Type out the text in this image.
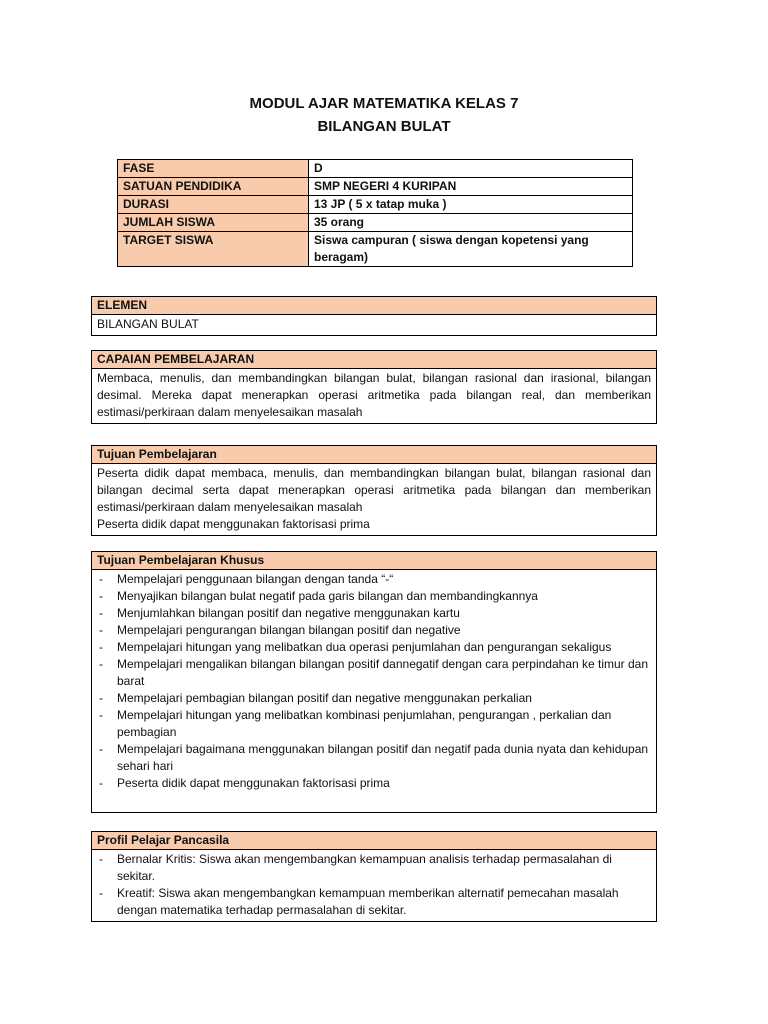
MODUL AJAR MATEMATIKA KELAS 7
BILANGAN BULAT
FASE	D
SATUAN PENDIDIKA	SMP NEGERI 4 KURIPAN
DURASI	13 JP ( 5 x tatap muka )
JUMLAH SISWA	35 orang
TARGET SISWA	Siswa campuran ( siswa dengan kopetensi yang beragam)
ELEMEN
BILANGAN BULAT
CAPAIAN PEMBELAJARAN
Membaca, menulis, dan membandingkan bilangan bulat, bilangan rasional dan irasional, bilangan desimal. Mereka dapat menerapkan operasi aritmetika pada bilangan real, dan memberikan estimasi/perkiraan dalam menyelesaikan masalah
Tujuan Pembelajaran

Peserta didik dapat membaca, menulis, dan membandingkan bilangan bulat, bilangan rasional dan bilangan decimal serta dapat menerapkan operasi aritmetika pada bilangan dan memberikan estimasi/perkiraan dalam menyelesaikan masalah

Peserta didik dapat menggunakan faktorisasi prima

Tujuan Pembelajaran Khusus
- Mempelajari penggunaan bilangan dengan tanda “-“
- Menyajikan bilangan bulat negatif pada garis bilangan dan membandingkannya
- Menjumlahkan bilangan positif dan negative menggunakan kartu
- Mempelajari pengurangan bilangan bilangan positif dan negative
- Mempelajari hitungan yang melibatkan dua operasi penjumlahan dan pengurangan sekaligus
- Mempelajari mengalikan bilangan bilangan positif dannegatif dengan cara perpindahan ke timur dan barat
- Mempelajari pembagian bilangan positif dan negative menggunakan perkalian
- Mempelajari hitungan yang melibatkan kombinasi penjumlahan, pengurangan , perkalian dan pembagian
- Mempelajari bagaimana menggunakan bilangan positif dan negatif pada dunia nyata dan kehidupan sehari hari
- Peserta didik dapat menggunakan faktorisasi prima
Profil Pelajar Pancasila
- Bernalar Kritis: Siswa akan mengembangkan kemampuan analisis terhadap permasalahan di sekitar.
- Kreatif: Siswa akan mengembangkan kemampuan memberikan alternatif pemecahan masalah dengan matematika terhadap permasalahan di sekitar.
